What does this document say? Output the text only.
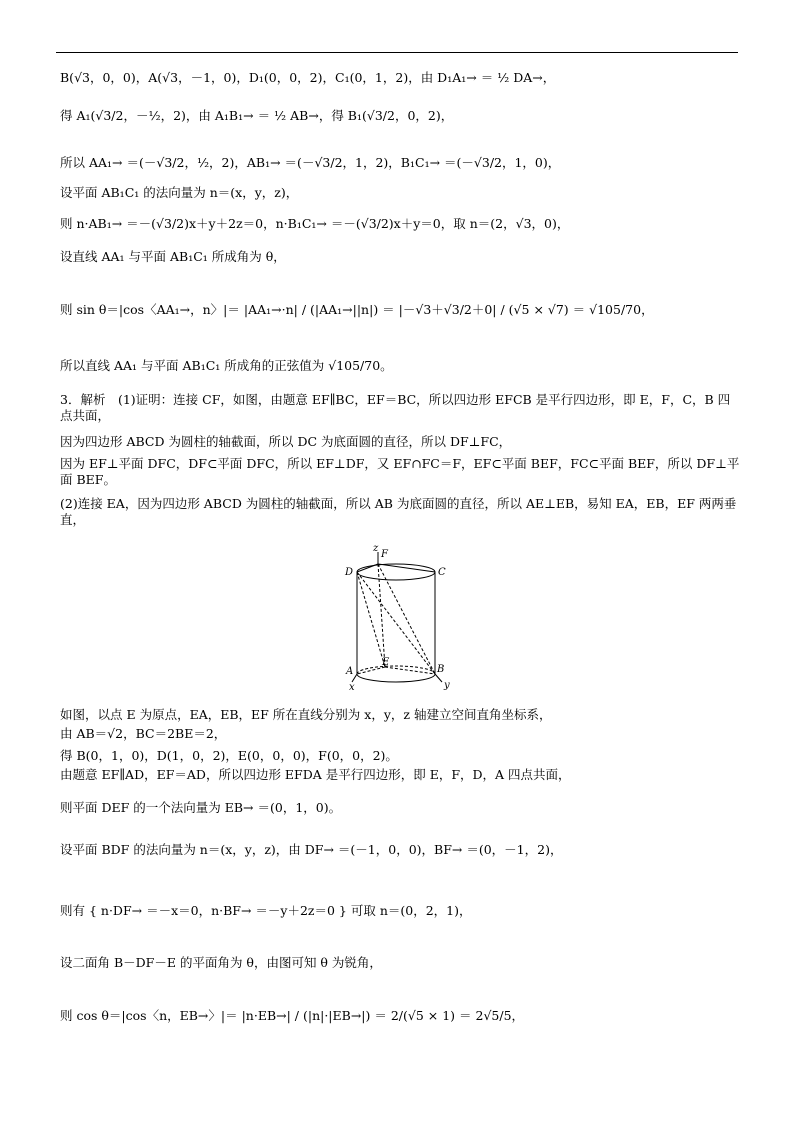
B(√3，0，0)，A(√3，－1，0)，D₁(0，0，2)，C₁(0，1，2)，由 D₁A₁→ ＝ ½ DA→，
得 A₁(√3/2，－½，2)，由 A₁B₁→ ＝ ½ AB→，得 B₁(√3/2，0，2)，
所以 AA₁→ ＝(－√3/2，½，2)，AB₁→ ＝(－√3/2，1，2)，B₁C₁→ ＝(－√3/2，1，0)，
设平面 AB₁C₁ 的法向量为 n＝(x，y，z)，
则 n·AB₁→ ＝－(√3/2)x＋y＋2z＝0，n·B₁C₁→ ＝－(√3/2)x＋y＝0，取 n＝(2，√3，0)，
设直线 AA₁ 与平面 AB₁C₁ 所成角为 θ，
则 sin θ＝|cos〈AA₁→，n〉|＝ |AA₁→·n| / (|AA₁→||n|) ＝ |－√3＋√3/2＋0| / (√5 × √7) ＝ √105/70，
所以直线 AA₁ 与平面 AB₁C₁ 所成角的正弦值为 √105/70。
3．解析　(1)证明：连接 CF，如图，由题意 EF∥BC，EF＝BC，所以四边形 EFCB 是平行四边形，即 E，F，C，B 四点共面，
因为四边形 ABCD 为圆柱的轴截面，所以 DC 为底面圆的直径，所以 DF⊥FC，
因为 EF⊥平面 DFC，DF⊂平面 DFC，所以 EF⊥DF，又 EF∩FC＝F，EF⊂平面 BEF，FC⊂平面 BEF，所以 DF⊥平面 BEF。
(2)连接 EA，因为四边形 ABCD 为圆柱的轴截面，所以 AB 为底面圆的直径，所以 AE⊥EB，易知 EA，EB，EF 两两垂直，
z
F
D	C
E
A	B
x	y
如图，以点 E 为原点，EA，EB，EF 所在直线分别为 x，y，z 轴建立空间直角坐标系，
由 AB＝√2，BC＝2BE＝2，
得 B(0，1，0)，D(1，0，2)，E(0，0，0)，F(0，0，2)。
由题意 EF∥AD，EF＝AD，所以四边形 EFDA 是平行四边形，即 E，F，D，A 四点共面，
则平面 DEF 的一个法向量为 EB→ ＝(0，1，0)。
设平面 BDF 的法向量为 n＝(x，y，z)，由 DF→ ＝(－1，0，0)，BF→ ＝(0，－1，2)，
则有 { n·DF→ ＝－x＝0，n·BF→ ＝－y＋2z＝0 } 可取 n＝(0，2，1)，
设二面角 B－DF－E 的平面角为 θ，由图可知 θ 为锐角，
则 cos θ＝|cos〈n，EB→〉|＝ |n·EB→| / (|n|·|EB→|) ＝ 2/(√5 × 1) ＝ 2√5/5，
